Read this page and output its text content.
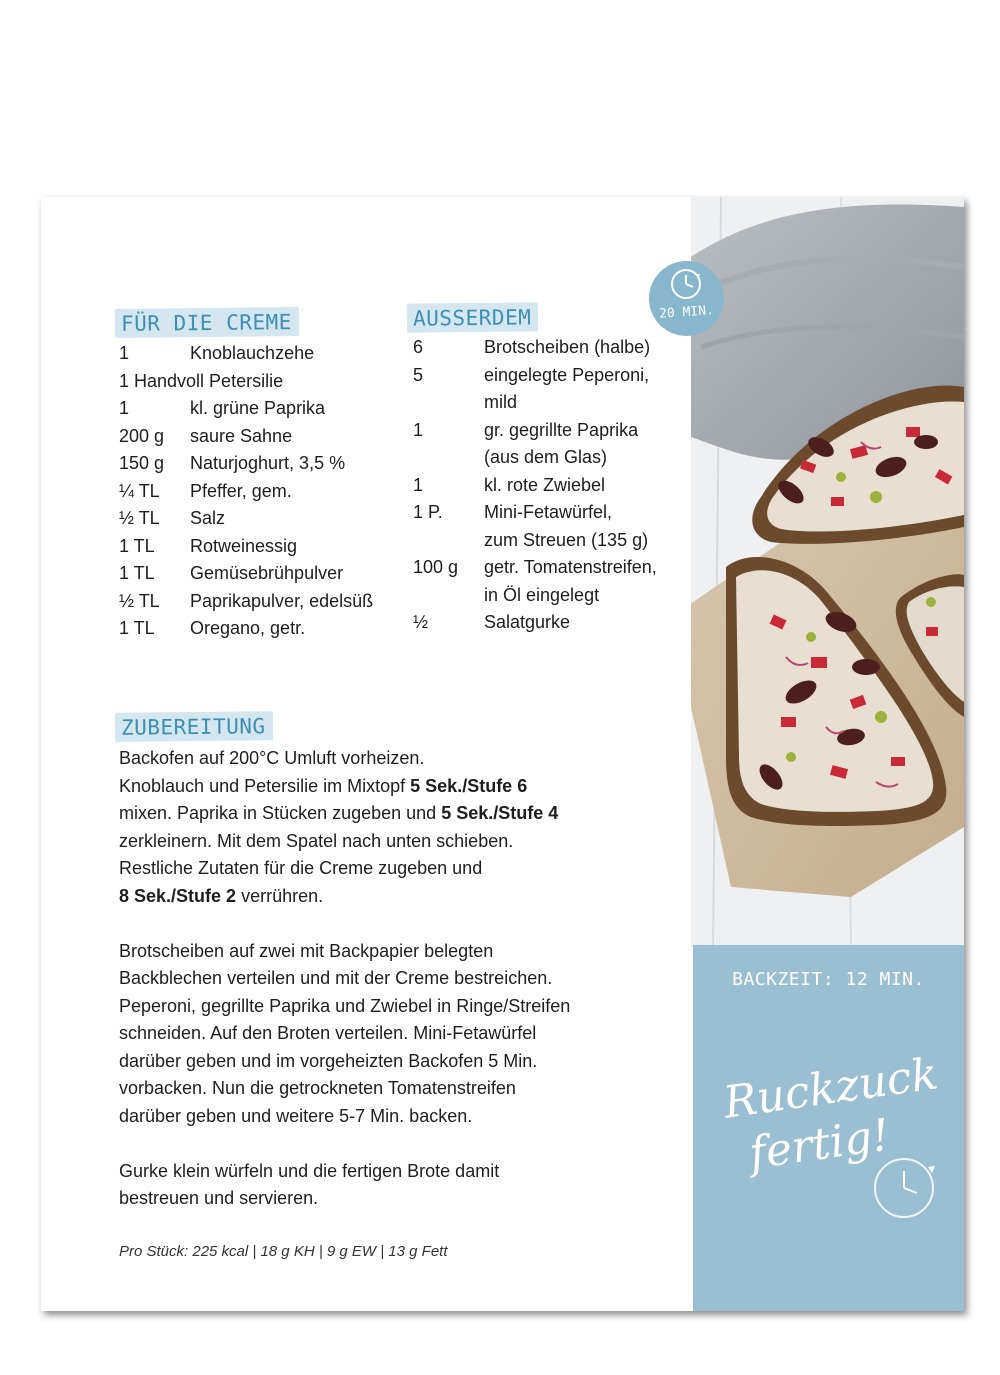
FÜR DIE CREME
1	Knoblauchzehe
1 Handvoll Petersilie
1	kl. grüne Paprika
200 g saure Sahne
150 g Naturjoghurt, 3,5 %
¼ TL Pfeffer, gem.
½ TL Salz
1 TL Rotweinessig
1 TL Gemüsebrühpulver
½ TL Paprikapulver, edelsüß
1 TL Oregano, getr.
AUSSERDEM
6	Brotscheiben (halbe)
5	eingelegte Peperoni,
mild
1	gr. gegrillte Paprika
(aus dem Glas)
1	kl. rote Zwiebel
1 P. Mini-Fetawürfel,
zum Streuen (135 g)
100 g getr. Tomatenstreifen,
in Öl eingelegt
½	Salatgurke
ZUBEREITUNG

Backofen auf 200°C Umluft vorheizen.
Knoblauch und Petersilie im Mixtopf 5 Sek./Stufe 6
mixen. Paprika in Stücken zugeben und 5 Sek./Stufe 4
zerkleinern. Mit dem Spatel nach unten schieben.
Restliche Zutaten für die Creme zugeben und
8 Sek./Stufe 2 verrühren.

Brotscheiben auf zwei mit Backpapier belegten
Backblechen verteilen und mit der Creme bestreichen.
Peperoni, gegrillte Paprika und Zwiebel in Ringe/Streifen
schneiden. Auf den Broten verteilen. Mini-Fetawürfel
darüber geben und im vorgeheizten Backofen 5 Min.
vorbacken. Nun die getrockneten Tomatenstreifen
darüber geben und weitere 5-7 Min. backen.

Gurke klein würfeln und die fertigen Brote damit
bestreuen und servieren.

Pro Stück: 225 kcal | 18 g KH | 9 g EW | 13 g Fett
20 MIN.
BACKZEIT: 12 MIN.
Ruckzuck
fertig!
